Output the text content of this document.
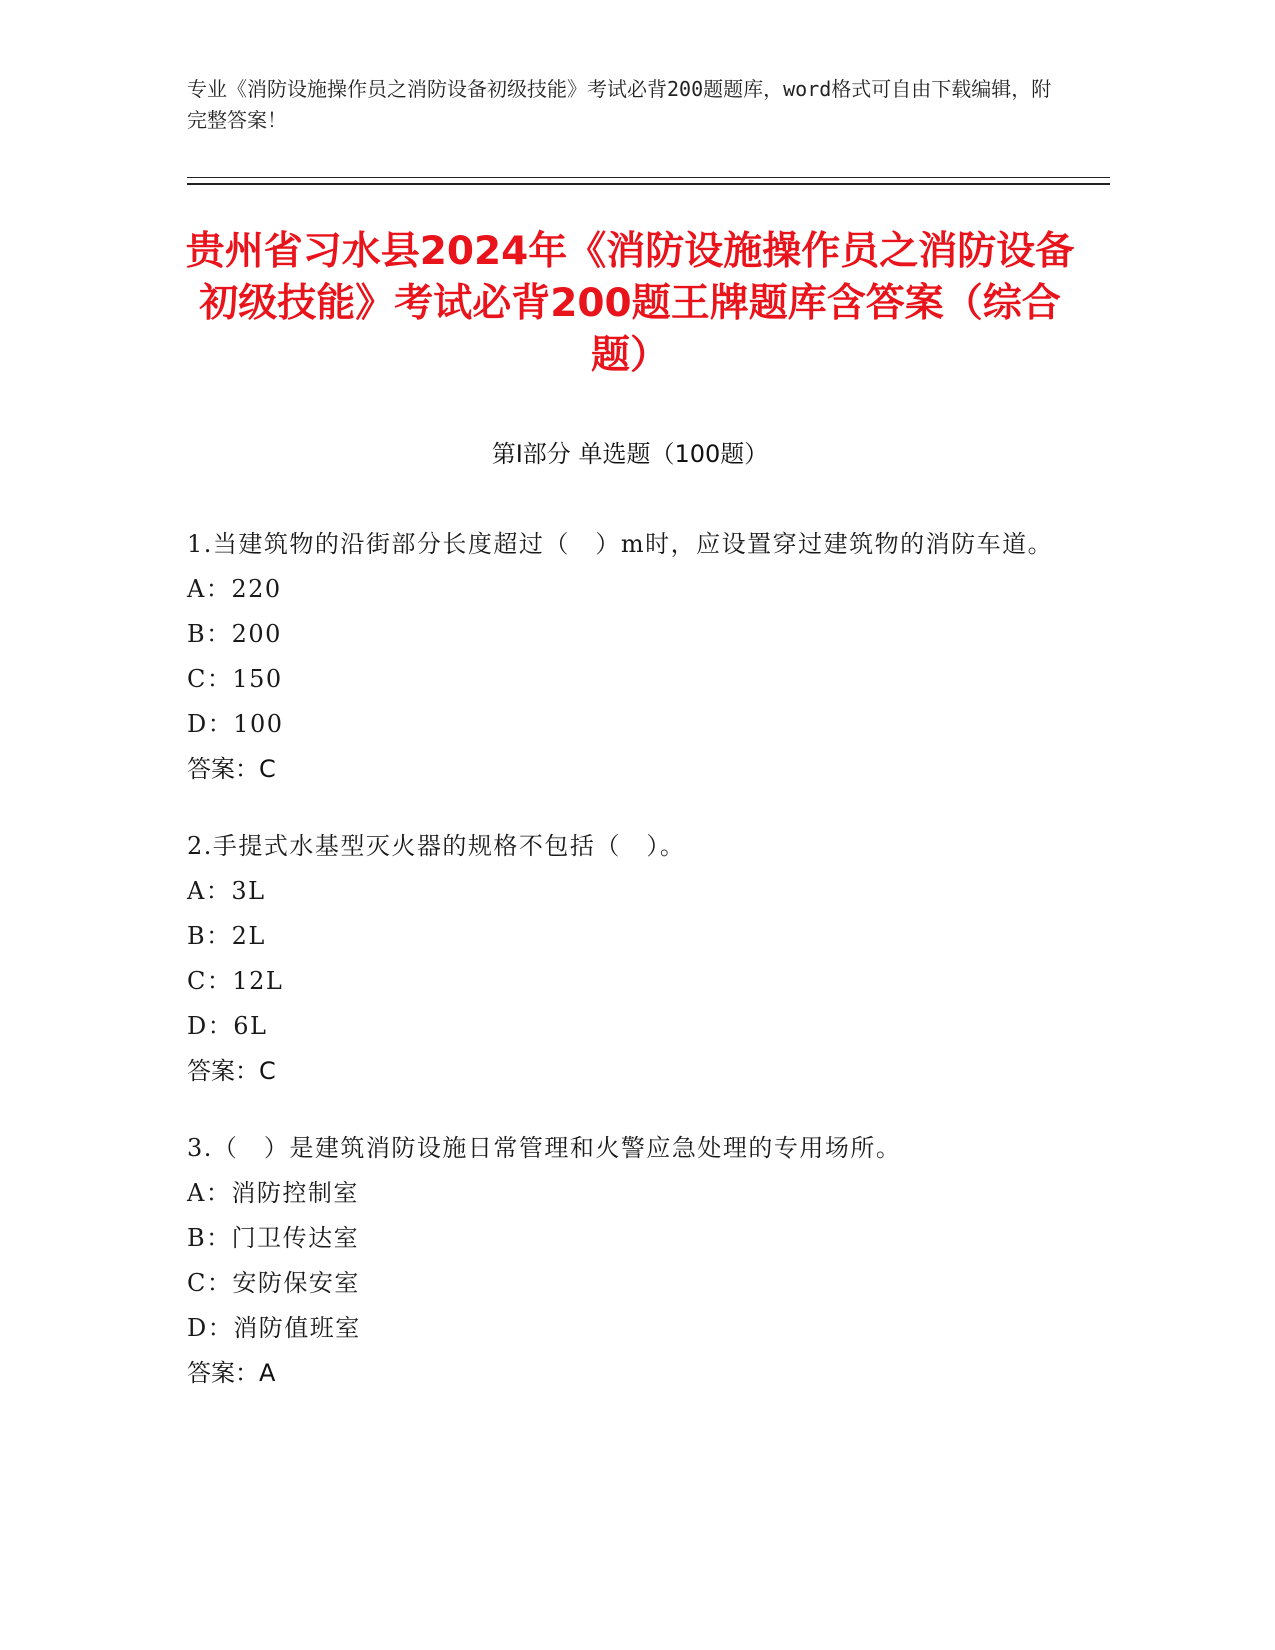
专业《消防设施操作员之消防设备初级技能》考试必背200题题库，word格式可自由下载编辑，附完整答案！
贵州省习水县2024年《消防设施操作员之消防设备初级技能》考试必背200题王牌题库含答案（综合题）
第Ⅰ部分 单选题（100题）
1.当建筑物的沿街部分长度超过（　）m时，应设置穿过建筑物的消防车道。
A：220
B：200
C：150
D：100
答案：C
2.手提式水基型灭火器的规格不包括（　）。
A：3L
B：2L
C：12L
D：6L
答案：C
3.（　）是建筑消防设施日常管理和火警应急处理的专用场所。
A：消防控制室
B：门卫传达室
C：安防保安室
D：消防值班室
答案：A
